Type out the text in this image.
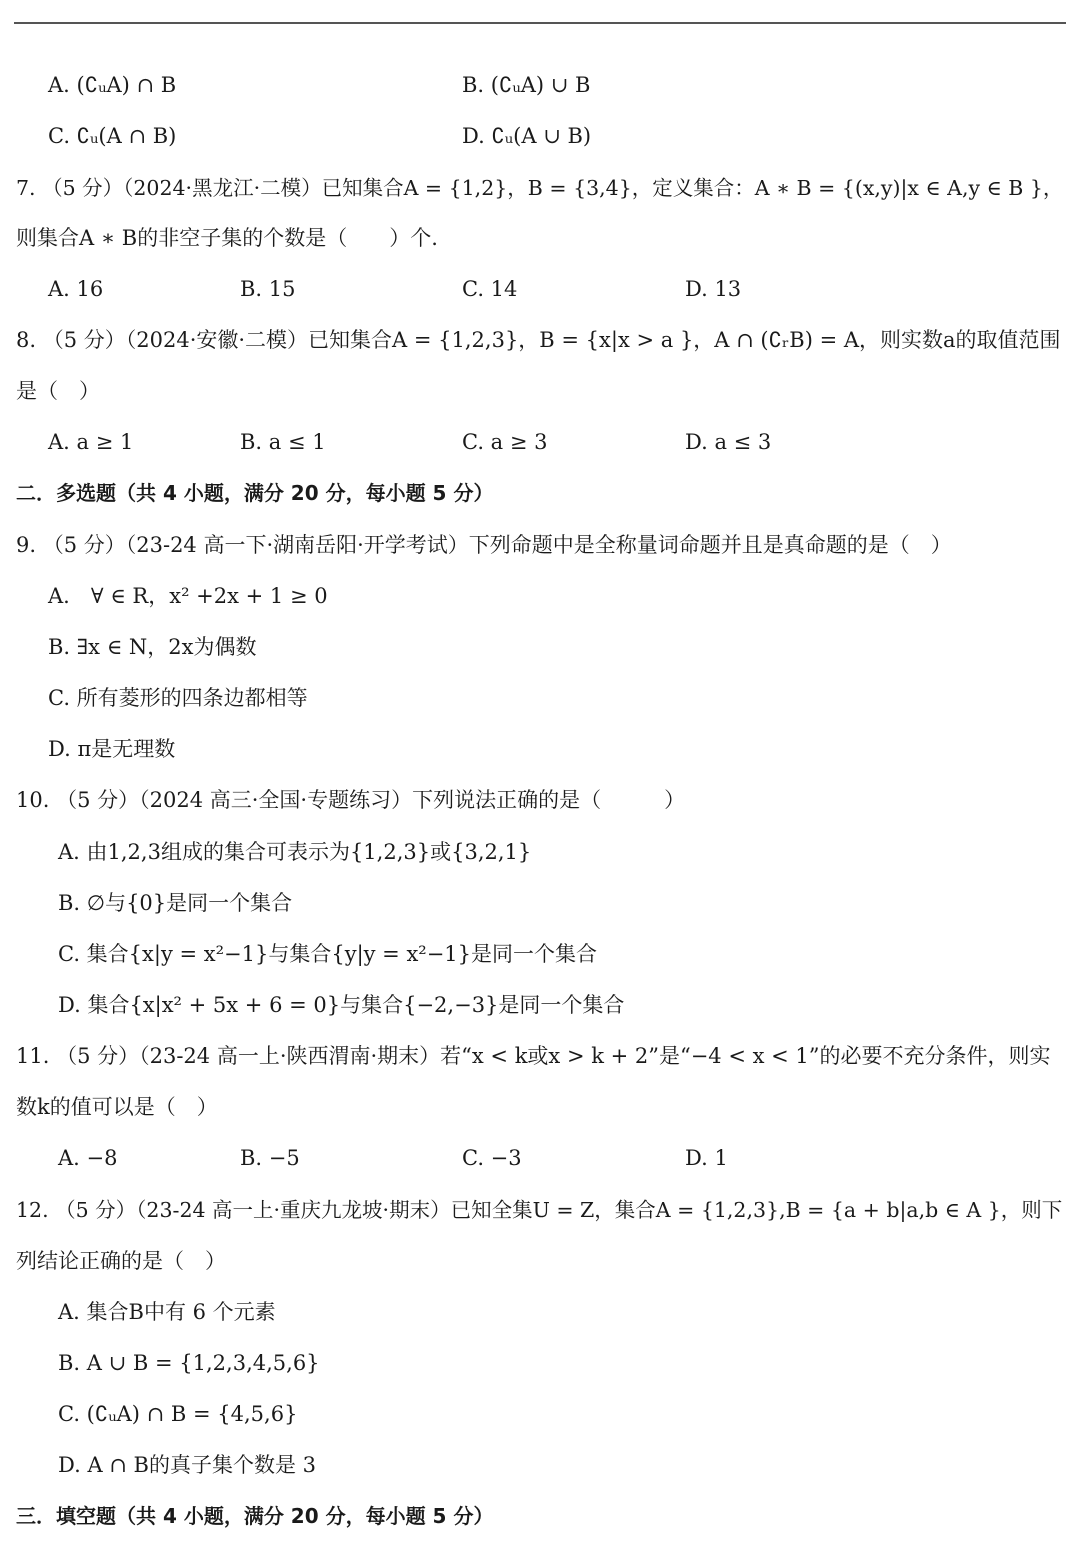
A. (∁ᵤA) ∩ B	B. (∁ᵤA) ∪ B
C. ∁ᵤ(A ∩ B)	D. ∁ᵤ(A ∪ B)
7. （5 分）（2024·黑龙江·二模）已知集合A = {1,2}，B = {3,4}，定义集合：A ∗ B = {(x,y)|x ∈ A,y ∈ B }，
则集合A ∗ B的非空子集的个数是（　　）个.
A. 16	B. 15	C. 14	D. 13
8. （5 分）（2024·安徽·二模）已知集合A = {1,2,3}，B = {x|x > a }，A ∩ (∁ᵣB) = A，则实数a的取值范围
是（　）
A. a ≥ 1	B. a ≤ 1	C. a ≥ 3	D. a ≤ 3
二．多选题（共 4 小题，满分 20 分，每小题 5 分）
9. （5 分）（23-24 高一下·湖南岳阳·开学考试）下列命题中是全称量词命题并且是真命题的是（　）
A.　∀ ∈ R，x² +2x + 1 ≥ 0
B. ∃x ∈ N，2x为偶数
C. 所有菱形的四条边都相等
D. π是无理数
10. （5 分）（2024 高三·全国·专题练习）下列说法正确的是（　　　）
A. 由1,2,3组成的集合可表示为{1,2,3}或{3,2,1}
B. ∅与{0}是同一个集合
C. 集合{x|y = x²−1}与集合{y|y = x²−1}是同一个集合
D. 集合{x|x² + 5x + 6 = 0}与集合{−2,−3}是同一个集合
11. （5 分）（23-24 高一上·陕西渭南·期末）若“x < k或x > k + 2”是“−4 < x < 1”的必要不充分条件，则实
数k的值可以是（　）
A. −8	B. −5	C. −3	D. 1
12. （5 分）（23-24 高一上·重庆九龙坡·期末）已知全集U = Z，集合A = {1,2,3},B = {a + b|a,b ∈ A }，则下
列结论正确的是（　）
A. 集合B中有 6 个元素
B. A ∪ B = {1,2,3,4,5,6}
C. (∁ᵤA) ∩ B = {4,5,6}
D. A ∩ B的真子集个数是 3
三．填空题（共 4 小题，满分 20 分，每小题 5 分）
